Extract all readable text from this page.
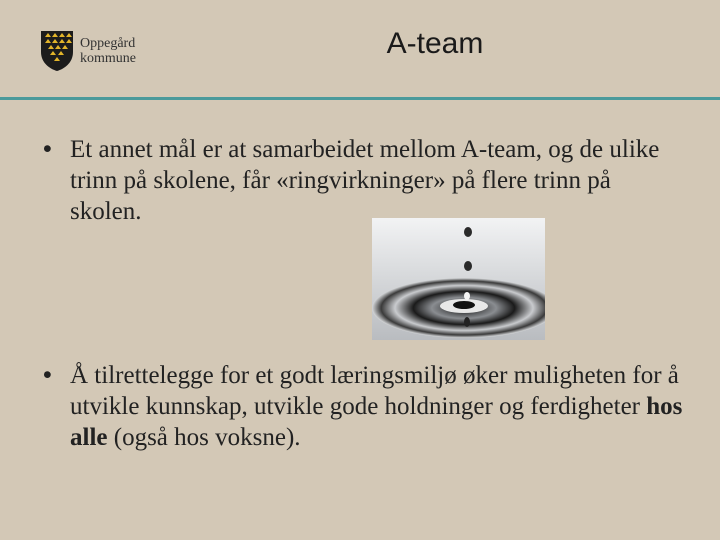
Oppegård
kommune	A-team
• Et annet mål er at samarbeidet mellom A-team, og de ulike trinn på skolene, får «ringvirkninger» på flere trinn på skolen.
• Å tilrettelegge for et godt læringsmiljø øker muligheten for å utvikle kunnskap, utvikle gode holdninger og ferdigheter hos alle (også hos voksne).
